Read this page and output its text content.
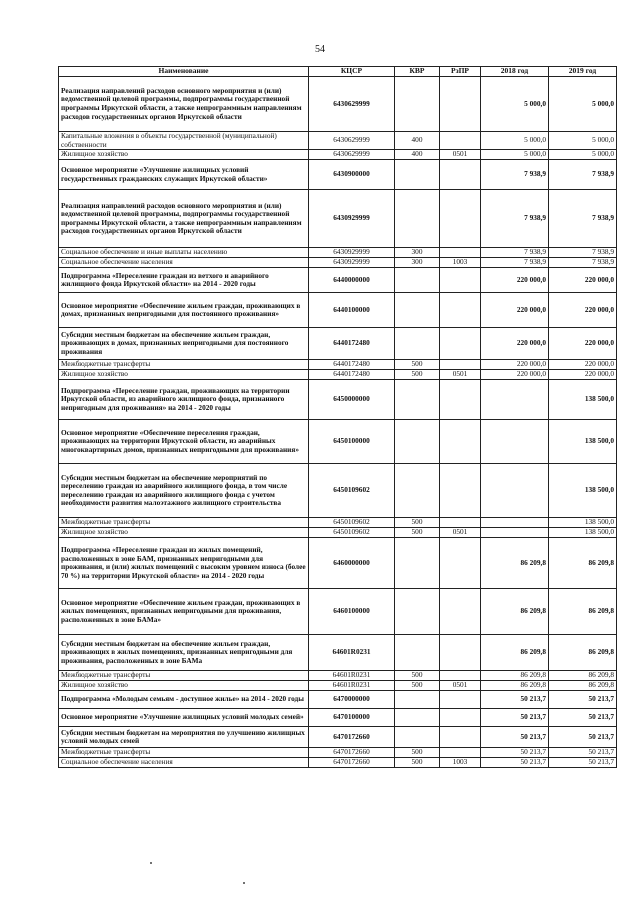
54
Наименование	КЦСР	КВР	РзПР	2018 год	2019 год
Реализация направлений расходов основного мероприятия и (или) ведомственной целевой программы, подпрограммы государственной программы Иркутской области, а также непрограммным направлениям расходов государственных органов Иркутской области	6430629999			5 000,0	5 000,0
Капитальные вложения в объекты государственной (муниципальной) собственности	6430629999	400		5 000,0	5 000,0
Жилищное хозяйство	6430629999	400	0501	5 000,0	5 000,0
Основное мероприятие «Улучшение жилищных условий государственных гражданских служащих Иркутской области»	6430900000			7 938,9	7 938,9
Реализация направлений расходов основного мероприятия и (или) ведомственной целевой программы, подпрограммы государственной программы Иркутской области, а также непрограммным направлениям расходов государственных органов Иркутской области	6430929999			7 938,9	7 938,9
Социальное обеспечение и иные выплаты населению	6430929999	300		7 938,9	7 938,9
Социальное обеспечение населения	6430929999	300	1003	7 938,9	7 938,9
Подпрограмма «Переселение граждан из ветхого и аварийного жилищного фонда Иркутской области» на 2014 - 2020 годы	6440000000			220 000,0	220 000,0
Основное мероприятие «Обеспечение жильем граждан, проживающих в домах, признанных непригодными для постоянного проживания»	6440100000			220 000,0	220 000,0
Субсидии местным бюджетам на обеспечение жильем граждан, проживающих в домах, признанных непригодными для постоянного проживания	6440172480			220 000,0	220 000,0
Межбюджетные трансферты	6440172480	500		220 000,0	220 000,0
Жилищное хозяйство	6440172480	500	0501	220 000,0	220 000,0
Подпрограмма «Переселение граждан, проживающих на территории Иркутской области, из аварийного жилищного фонда, признанного непригодным для проживания» на 2014 - 2020 годы	6450000000				138 500,0
Основное мероприятие «Обеспечение переселения граждан, проживающих на территории Иркутской области, из аварийных многоквартирных домов, признанных непригодными для проживания»	6450100000				138 500,0
Субсидии местным бюджетам на обеспечение мероприятий по переселению граждан из аварийного жилищного фонда, в том числе переселению граждан из аварийного жилищного фонда с учетом необходимости развития малоэтажного жилищного строительства	6450109602				138 500,0
Межбюджетные трансферты	6450109602	500			138 500,0
Жилищное хозяйство	6450109602	500	0501		138 500,0
Подпрограмма «Переселение граждан из жилых помещений, расположенных в зоне БАМ, признанных непригодными для проживания, и (или) жилых помещений с высоким уровнем износа (более 70 %) на территории Иркутской области» на 2014 - 2020 годы	6460000000			86 209,8	86 209,8
Основное мероприятие «Обеспечение жильем граждан, проживающих в жилых помещениях, признанных непригодными для проживания, расположенных в зоне БАМа»	6460100000			86 209,8	86 209,8
Субсидии местным бюджетам на обеспечение жильем граждан, проживающих в жилых помещениях, признанных непригодными для проживания, расположенных в зоне БАМа	64601R0231			86 209,8	86 209,8
Межбюджетные трансферты	64601R0231	500		86 209,8	86 209,8
Жилищное хозяйство	64601R0231	500	0501	86 209,8	86 209,8
Подпрограмма «Молодым семьям - доступное жилье» на 2014 - 2020 годы	6470000000			50 213,7	50 213,7
Основное мероприятие «Улучшение жилищных условий молодых семей»	6470100000			50 213,7	50 213,7
Субсидии местным бюджетам на мероприятия по улучшению жилищных условий молодых семей	6470172660			50 213,7	50 213,7
Межбюджетные трансферты	6470172660	500		50 213,7	50 213,7
Социальное обеспечение населения	6470172660	500	1003	50 213,7	50 213,7
